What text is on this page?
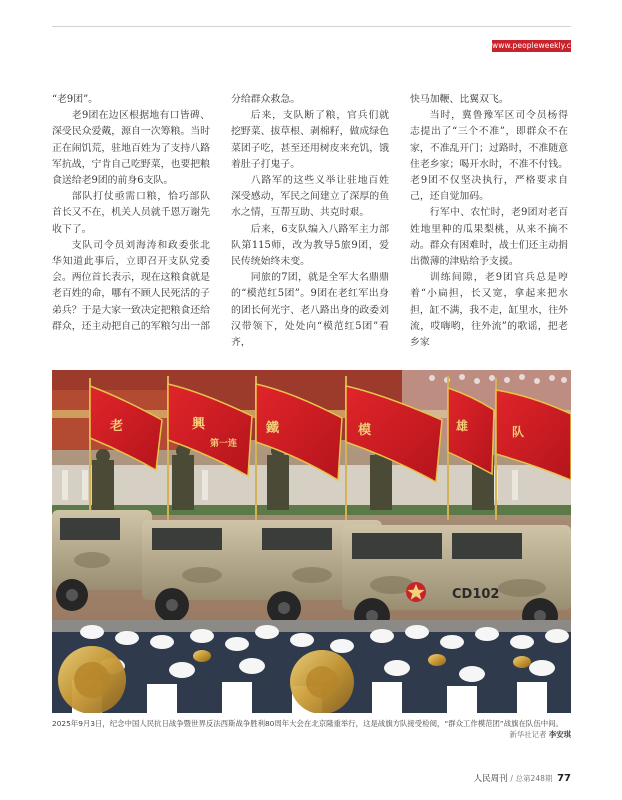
www.peopleweekly.cn

“老9团”。

老9团在边区根据地有口皆碑、深受民众爱戴，源自一次筹粮。当时正在闹饥荒，驻地百姓为了支持八路军抗战，宁肯自己吃野菜，也要把粮食送给老9团的前身6支队。

部队打仗亟需口粮，恰巧部队首长又不在，机关人员就千恩万谢先收下了。

支队司令员刘海涛和政委张北华知道此事后，立即召开支队党委会。两位首长表示，现在这粮食就是老百姓的命，哪有不顾人民死活的子弟兵？于是大家一致决定把粮食还给群众，还主动把自己的军粮匀出一部

分给群众救急。

后来，支队断了粮，官兵们就挖野菜、拔草根、剥棉籽，做成绿色菜团子吃，甚至还用树皮来充饥，饿着肚子打鬼子。

八路军的这些义举让驻地百姓深受感动，军民之间建立了深厚的鱼水之情，互帮互助、共克时艰。

后来，6支队编入八路军主力部队第115师，改为教导5旅9团，爱民传统始终未变。

同旅的7团，就是全军大名鼎鼎的“模范红5团”。9团在老红军出身的团长何光宇、老八路出身的政委刘汉带领下，处处向“模范红5团”看齐，

快马加鞭、比翼双飞。

当时，冀鲁豫军区司令员杨得志提出了“三个不准”，即群众不在家，不准乱开门；过路时，不准随意住老乡家；喝开水时，不准不付钱。老9团不仅坚决执行，严格要求自己，还自觉加码。

行军中、农忙时，老9团对老百姓地里种的瓜果梨桃，从来不摘不动。群众有困难时，战士们还主动捐出微薄的津贴给予支援。

训练间隙，老9团官兵总是哼着“小扁担，长又宽，拿起来把水担，缸不满，我不走，缸里水，往外流，哎嗨哟，往外流”的歌谣，把老乡家

老	興
第一连
鐵	模	雄	队
CD102
2025年9月3日，纪念中国人民抗日战争暨世界反法西斯战争胜利80周年大会在北京隆重举行，这是战旗方队接受检阅，“群众工作模范团”战旗在队伍中间。
新华社记者 李安琪
人民周刊 / 总第248期 77
